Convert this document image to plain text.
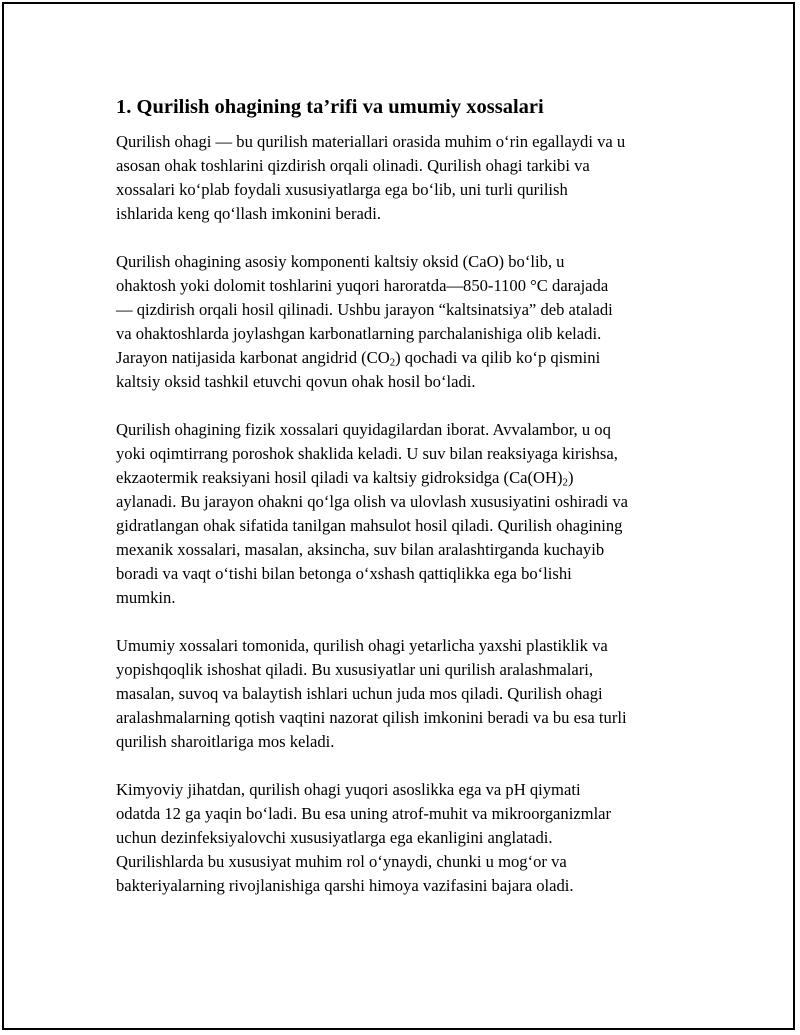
1. Qurilish ohagining ta’rifi va umumiy xossalari

Qurilish ohagi — bu qurilish materiallari orasida muhim o‘rin egallaydi va u
asosan ohak toshlarini qizdirish orqali olinadi. Qurilish ohagi tarkibi va
xossalari ko‘plab foydali xususiyatlarga ega bo‘lib, uni turli qurilish
ishlarida keng qo‘llash imkonini beradi.

Qurilish ohagining asosiy komponenti kaltsiy oksid (CaO) bo‘lib, u
ohaktosh yoki dolomit toshlarini yuqori haroratda—850-1100 °C darajada
— qizdirish orqali hosil qilinadi. Ushbu jarayon “kaltsinatsiya” deb ataladi
va ohaktoshlarda joylashgan karbonatlarning parchalanishiga olib keladi.
Jarayon natijasida karbonat angidrid $(CO_2)$ qochadi va qilib ko‘p qismini
kaltsiy oksid tashkil etuvchi qovun ohak hosil bo‘ladi.

Qurilish ohagining fizik xossalari quyidagilardan iborat. Avvalambor, u oq
yoki oqimtirrang poroshok shaklida keladi. U suv bilan reaksiyaga kirishsa,
ekzaotermik reaksiyani hosil qiladi va kaltsiy gidroksidga $(Ca(OH)_2)$
aylanadi. Bu jarayon ohakni qo‘lga olish va ulovlash xususiyatini oshiradi va
gidratlangan ohak sifatida tanilgan mahsulot hosil qiladi. Qurilish ohagining
mexanik xossalari, masalan, aksincha, suv bilan aralashtirganda kuchayib
boradi va vaqt o‘tishi bilan betonga o‘xshash qattiqlikka ega bo‘lishi
mumkin.

Umumiy xossalari tomonida, qurilish ohagi yetarlicha yaxshi plastiklik va
yopishqoqlik ishoshat qiladi. Bu xususiyatlar uni qurilish aralashmalari,
masalan, suvoq va balaytish ishlari uchun juda mos qiladi. Qurilish ohagi
aralashmalarning qotish vaqtini nazorat qilish imkonini beradi va bu esa turli
qurilish sharoitlariga mos keladi.

Kimyoviy jihatdan, qurilish ohagi yuqori asoslikka ega va pH qiymati
odatda 12 ga yaqin bo‘ladi. Bu esa uning atrof-muhit va mikroorganizmlar
uchun dezinfeksiyalovchi xususiyatlarga ega ekanligini anglatadi.
Qurilishlarda bu xususiyat muhim rol o‘ynaydi, chunki u mog‘or va
bakteriyalarning rivojlanishiga qarshi himoya vazifasini bajara oladi.
